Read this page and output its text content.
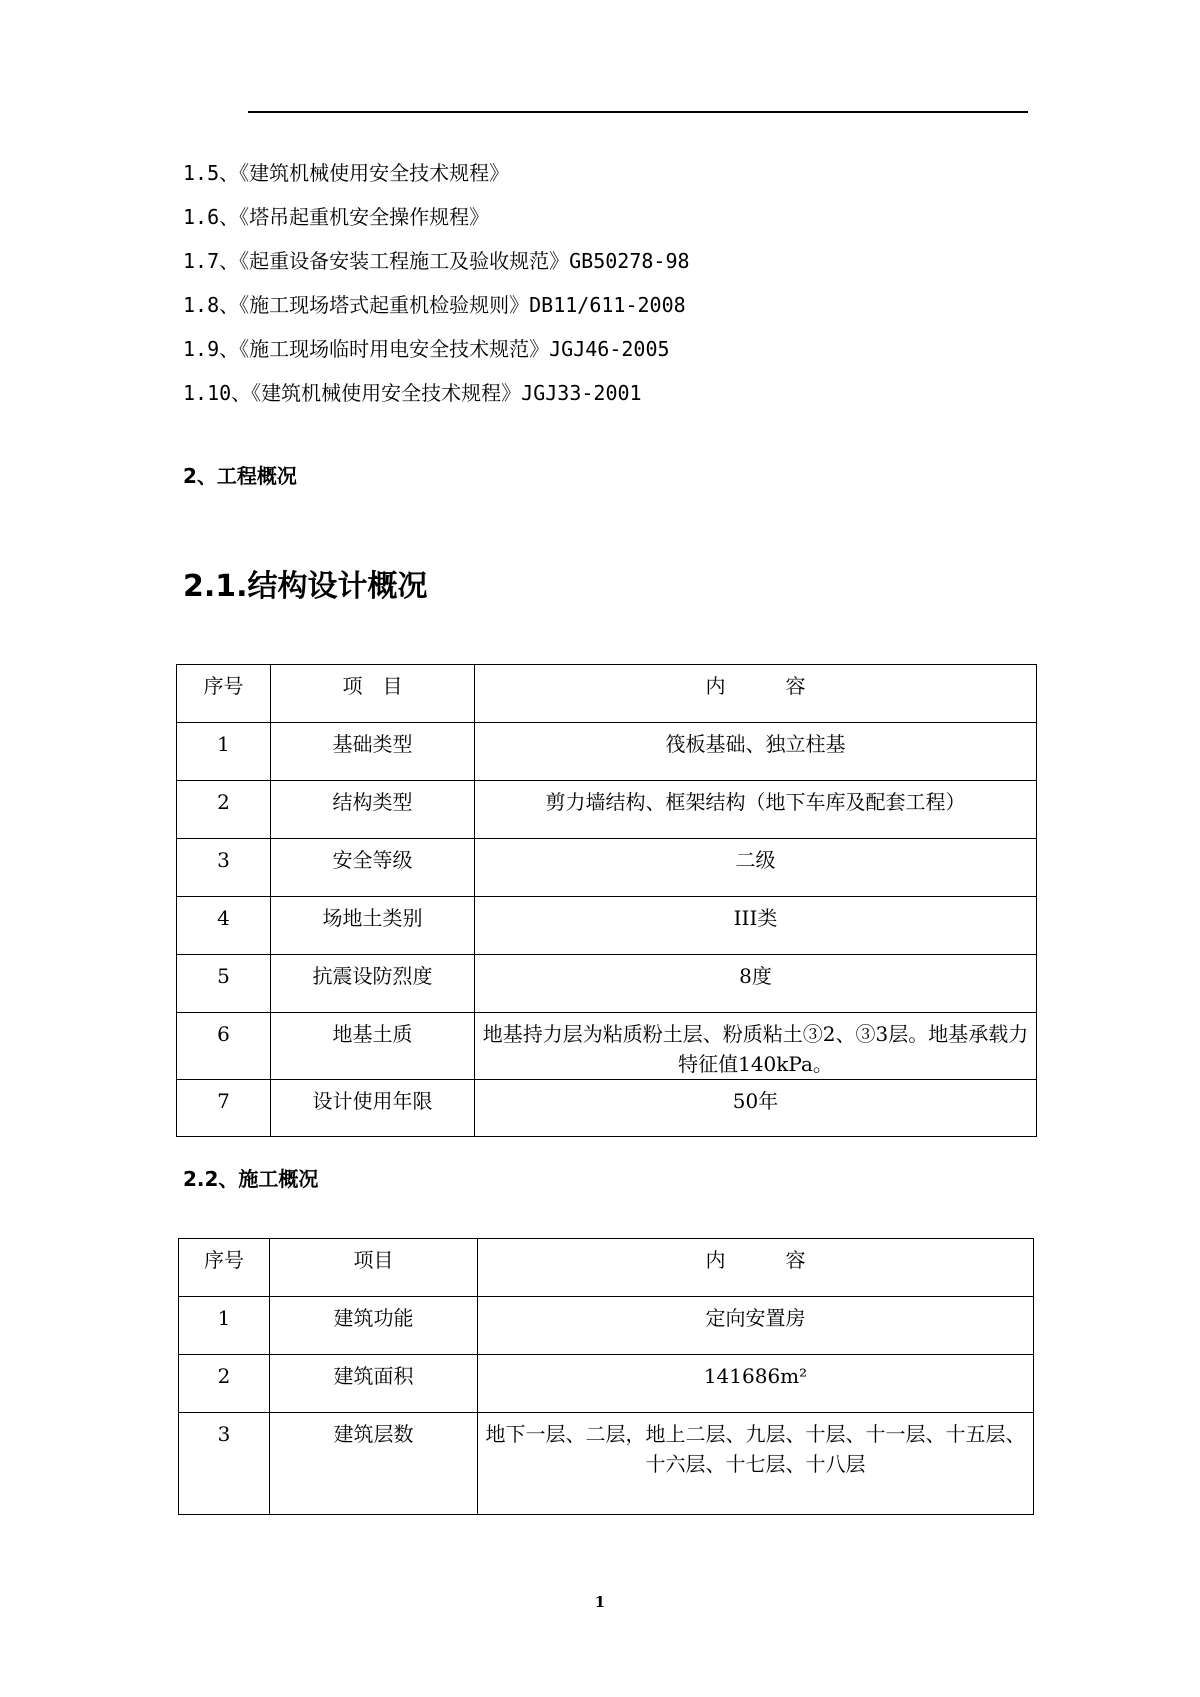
1.5、《建筑机械使用安全技术规程》
1.6、《塔吊起重机安全操作规程》
1.7、《起重设备安装工程施工及验收规范》GB50278-98
1.8、《施工现场塔式起重机检验规则》DB11/611-2008
1.9、《施工现场临时用电安全技术规范》JGJ46-2005
1.10、《建筑机械使用安全技术规程》JGJ33-2001
2、工程概况
2.1.结构设计概况
序号	项　目	内　　　容
1	基础类型	筏板基础、独立柱基
2	结构类型	剪力墙结构、框架结构（地下车库及配套工程）
3	安全等级	二级
4	场地土类别	III类
5	抗震设防烈度	8度
6	地基土质	地基持力层为粘质粉土层、粉质粘土③2、③3层。地基承载力特征值140kPa。
7	设计使用年限	50年
2.2、施工概况
序号	项目	内　　　容
1	建筑功能	定向安置房
2	建筑面积	141686m²
3	建筑层数	地下一层、二层，地上二层、九层、十层、十一层、十五层、十六层、十七层、十八层
1
